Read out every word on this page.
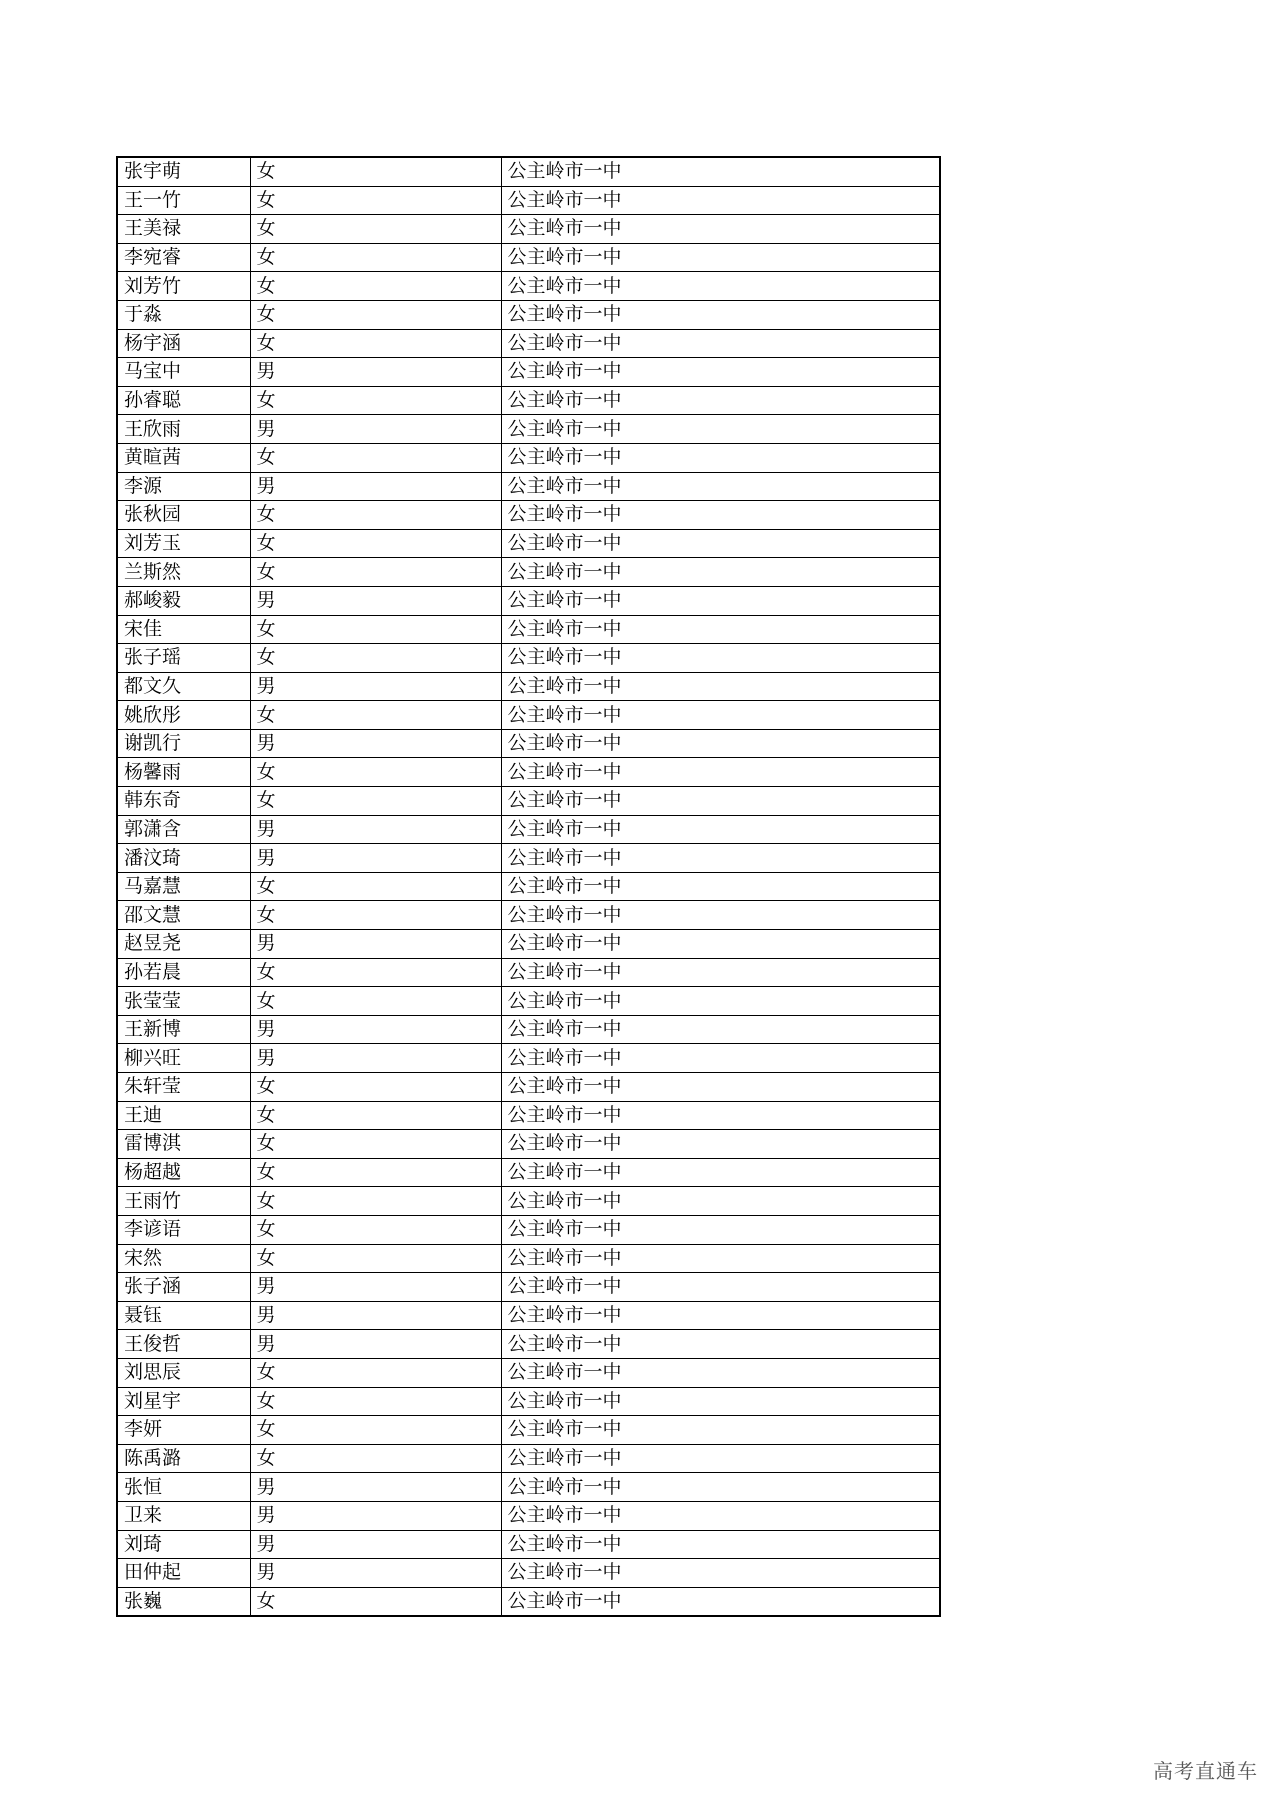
张宇萌	女	公主岭市一中
王一竹	女	公主岭市一中
王美禄	女	公主岭市一中
李宛睿	女	公主岭市一中
刘芳竹	女	公主岭市一中
于淼	女	公主岭市一中
杨宇涵	女	公主岭市一中
马宝中	男	公主岭市一中
孙睿聪	女	公主岭市一中
王欣雨	男	公主岭市一中
黄暄茜	女	公主岭市一中
李源	男	公主岭市一中
张秋园	女	公主岭市一中
刘芳玉	女	公主岭市一中
兰斯然	女	公主岭市一中
郝峻毅	男	公主岭市一中
宋佳	女	公主岭市一中
张子瑶	女	公主岭市一中
都文久	男	公主岭市一中
姚欣彤	女	公主岭市一中
谢凯行	男	公主岭市一中
杨馨雨	女	公主岭市一中
韩东奇	女	公主岭市一中
郭潇含	男	公主岭市一中
潘汶琦	男	公主岭市一中
马嘉慧	女	公主岭市一中
邵文慧	女	公主岭市一中
赵昱尧	男	公主岭市一中
孙若晨	女	公主岭市一中
张莹莹	女	公主岭市一中
王新博	男	公主岭市一中
柳兴旺	男	公主岭市一中
朱轩莹	女	公主岭市一中
王迪	女	公主岭市一中
雷博淇	女	公主岭市一中
杨超越	女	公主岭市一中
王雨竹	女	公主岭市一中
李谚语	女	公主岭市一中
宋然	女	公主岭市一中
张子涵	男	公主岭市一中
聂钰	男	公主岭市一中
王俊哲	男	公主岭市一中
刘思辰	女	公主岭市一中
刘星宇	女	公主岭市一中
李妍	女	公主岭市一中
陈禹潞	女	公主岭市一中
张恒	男	公主岭市一中
卫来	男	公主岭市一中
刘琦	男	公主岭市一中
田仲起	男	公主岭市一中
张巍	女	公主岭市一中
高考直通车
